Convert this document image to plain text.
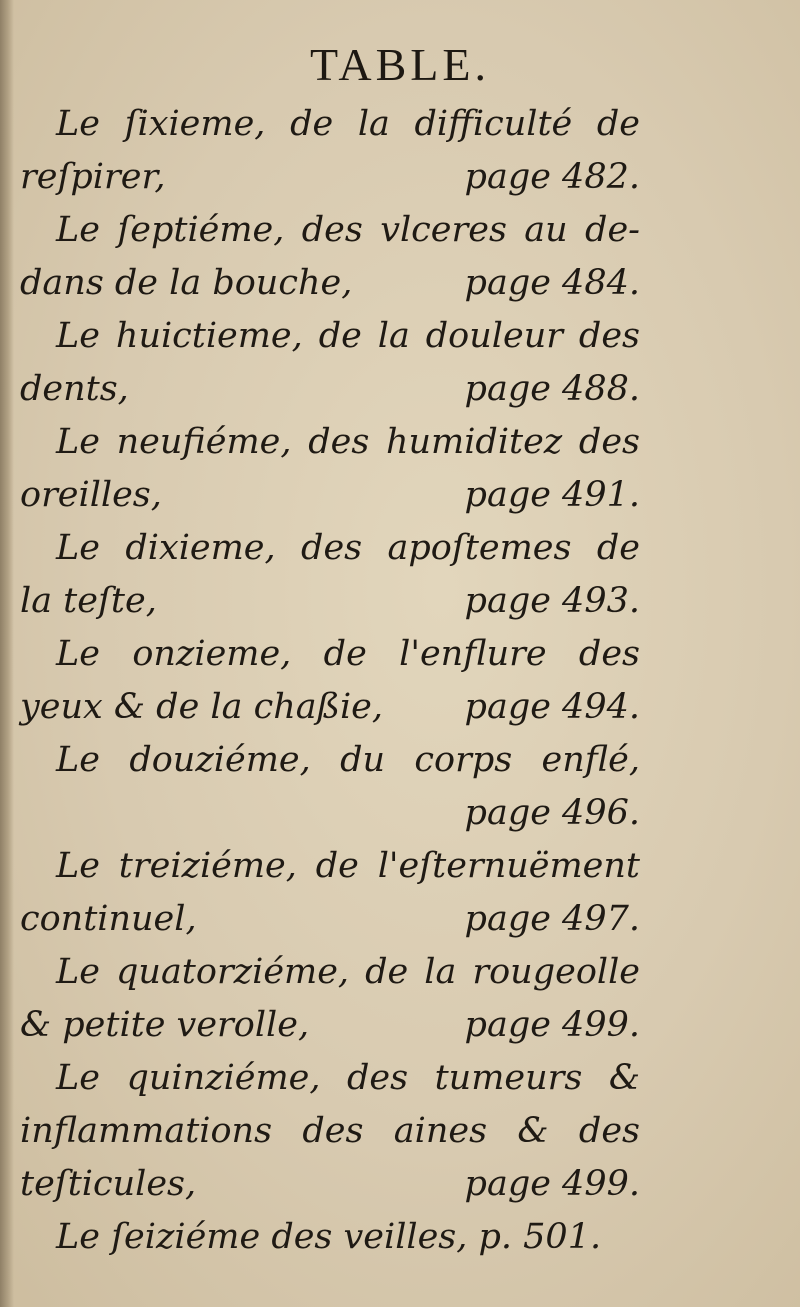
TABLE.
Le ſixieme, de la difficulté de
reſpirer,	page 482.
Le ſeptiéme, des vlceres au de-
dans de la bouche,	page 484.
Le huictieme, de la douleur des
dents,	page 488.
Le neufiéme, des humiditez des
oreilles,	page 491.
Le dixieme, des apoſtemes de
la teſte,	page 493.
Le onzieme, de l'enflure des
yeux & de la chaßie, page 494.
Le douziéme, du corps enflé,
page 496.
Le treiziéme, de l'eſternuëment
continuel,	page 497.
Le quatorziéme, de la rougeolle
& petite verolle,	page 499.
Le quinziéme, des tumeurs &
inflammations des aines & des
teſticules,	page 499.
Le ſeiziéme des veilles, p. 501.
